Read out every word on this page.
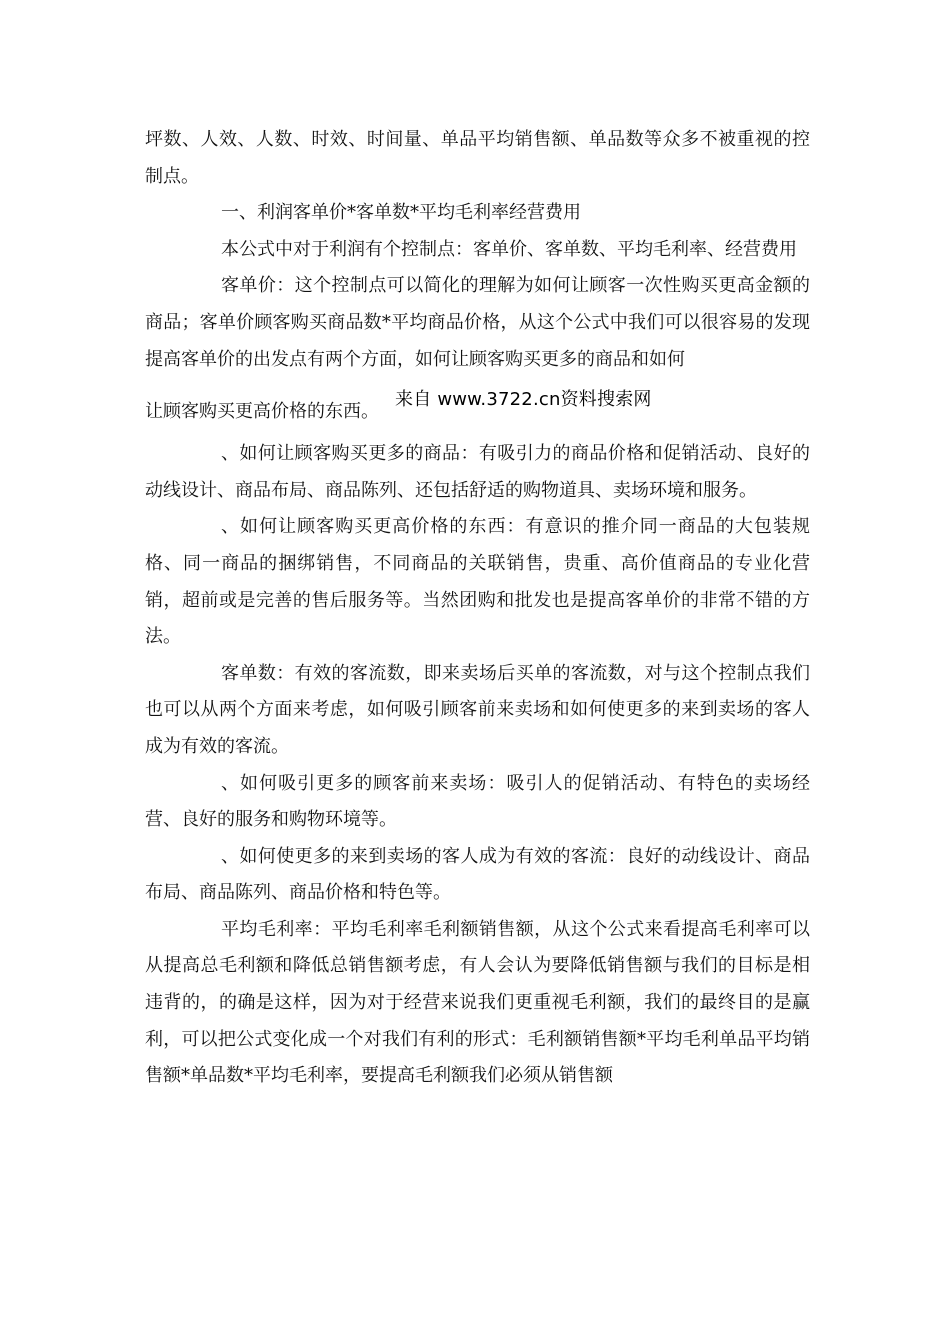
坪数、人效、人数、时效、时间量、单品平均销售额、单品数等众多不被重视的控制点。

一、利润客单价*客单数*平均毛利率经营费用

本公式中对于利润有个控制点：客单价、客单数、平均毛利率、经营费用

客单价：这个控制点可以简化的理解为如何让顾客一次性购买更高金额的商品；客单价顾客购买商品数*平均商品价格，从这个公式中我们可以很容易的发现提高客单价的出发点有两个方面，如何让顾客购买更多的商品和如何

让顾客购买更高价格的东西。
来自 www.3722.cn资料搜索网

、如何让顾客购买更多的商品：有吸引力的商品价格和促销活动、良好的动线设计、商品布局、商品陈列、还包括舒适的购物道具、卖场环境和服务。

、如何让顾客购买更高价格的东西：有意识的推介同一商品的大包装规格、同一商品的捆绑销售，不同商品的关联销售，贵重、高价值商品的专业化营销，超前或是完善的售后服务等。当然团购和批发也是提高客单价的非常不错的方法。

客单数：有效的客流数，即来卖场后买单的客流数，对与这个控制点我们也可以从两个方面来考虑，如何吸引顾客前来卖场和如何使更多的来到卖场的客人成为有效的客流。

、如何吸引更多的顾客前来卖场：吸引人的促销活动、有特色的卖场经营、良好的服务和购物环境等。

、如何使更多的来到卖场的客人成为有效的客流：良好的动线设计、商品布局、商品陈列、商品价格和特色等。

平均毛利率：平均毛利率毛利额销售额，从这个公式来看提高毛利率可以从提高总毛利额和降低总销售额考虑，有人会认为要降低销售额与我们的目标是相违背的，的确是这样，因为对于经营来说我们更重视毛利额，我们的最终目的是赢利，可以把公式变化成一个对我们有利的形式：毛利额销售额*平均毛利单品平均销售额*单品数*平均毛利率，要提高毛利额我们必须从销售额
